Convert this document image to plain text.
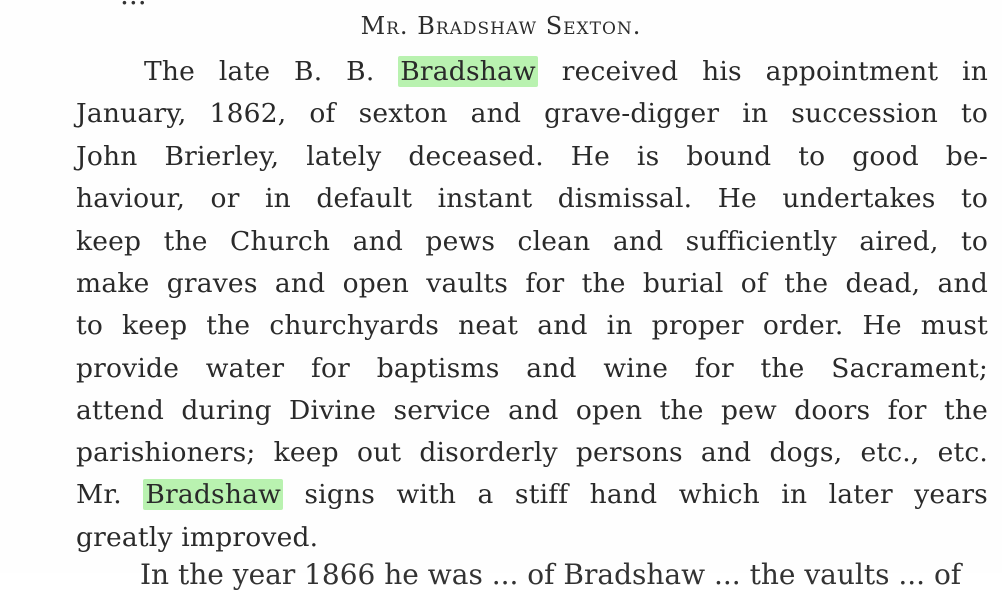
Mr. Bradshaw Sexton.
The late B. B. Bradshaw received his appointment in
January, 1862, of sexton and grave-digger in succession to
John Brierley, lately deceased. He is bound to good be-
haviour, or in default instant dismissal. He undertakes to
keep the Church and pews clean and sufficiently aired, to
make graves and open vaults for the burial of the dead, and
to keep the churchyards neat and in proper order. He must
provide water for baptisms and wine for the Sacrament;
attend during Divine service and open the pew doors for the
parishioners; keep out disorderly persons and dogs, etc., etc.
Mr. Bradshaw signs with a stiff hand which in later years
greatly improved.
In the year 1866 he was ... of Bradshaw ... the vaults ... of
